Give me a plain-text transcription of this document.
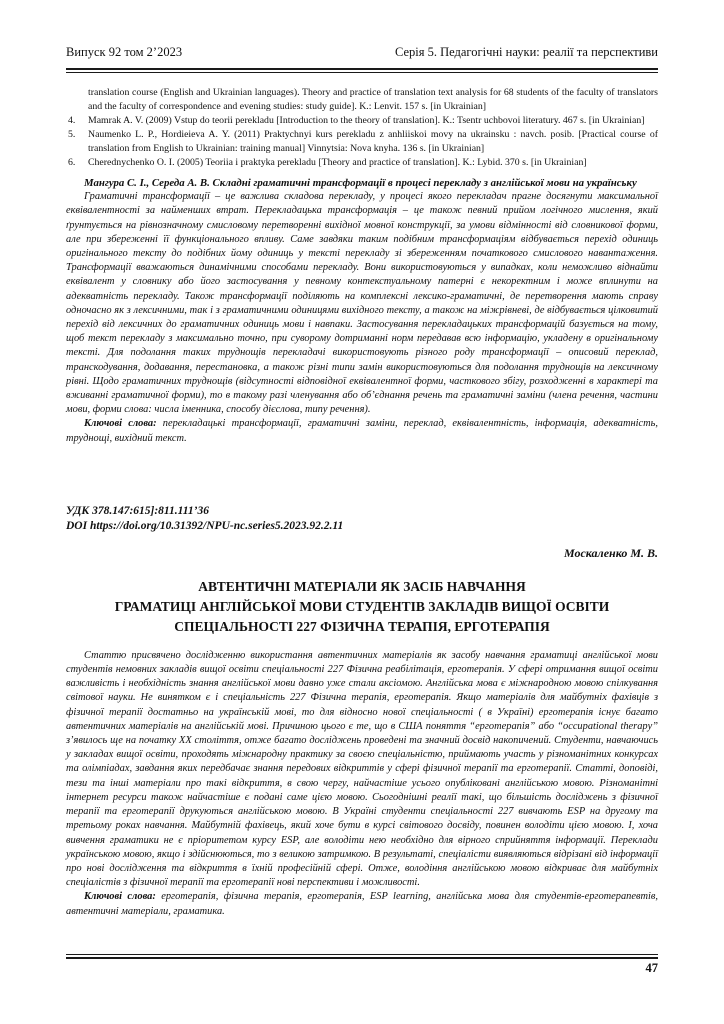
Випуск 92 том 2’2023	Серія 5. Педагогічні науки: реалії та перспективи
translation course (English and Ukrainian languages). Theory and practice of translation text analysis for 68 students of the faculty of translators and the faculty of correspondence and evening studies: study guide]. K.: Lenvit. 157 s. [in Ukrainian]
4. Mamrak A. V. (2009) Vstup do teorii perekladu [Introduction to the theory of translation]. K.: Tsentr uchbovoi literatury. 467 s. [in Ukrainian]
5. Naumenko L. P., Hordieieva A. Y. (2011) Praktychnyi kurs perekladu z anhliiskoi movy na ukrainsku : navch. posib. [Practical course of translation from English to Ukrainian: training manual] Vinnytsia: Nova knyha. 136 s. [in Ukrainian]
6. Cherednychenko O. I. (2005) Teoriia i praktyka perekladu [Theory and practice of translation]. K.: Lybid. 370 s. [in Ukrainian]

Мангура С. І., Середа А. В. Складні граматичні трансформації в процесі перекладу з англійської мови на українську

Граматичні трансформації – це важлива складова перекладу, у процесі якого перекладач прагне досягнути максимальної еквівалентності за найменших втрат. Перекладацька трансформація – це також певний прийом логічного мислення, який ґрунтується на рівнозначному смисловому перетворенні вихідної мовної конструкції, за умови відмінності від словникової форми, але при збереженні її функціонального впливу. Саме завдяки таким подібним трансформаціям відбувається перехід одиниць оригінального тексту до подібних йому одиниць у тексті перекладу зі збереженням початкового смислового навантаження. Трансформації вважаються динамічними способами перекладу. Вони використовуються у випадках, коли неможливо віднайти еквівалент у словнику або його застосування у певному контекстуальному патерні є некоректним і може вплинути на адекватність перекладу. Також трансформації поділяють на комплексні лексико-граматичні, де перетворення мають справу одночасно як з лексичними, так і з граматичними одиницями вихідного тексту, а також на міжрівневі, де відбувається цілковитий перехід від лексичних до граматичних одиниць мови і навпаки. Застосування перекладацьких трансформацій базується на тому, щоб текст перекладу з максимально точно, при суворому дотриманні норм передавав всю інформацію, укладену в оригінальному тексті. Для подолання таких труднощів перекладачі використовують різного роду трансформації – описовий переклад, транскодування, додавання, перестановка, а також різні типи замін використовуються для подолання труднощів на лексичному рівні. Щодо граматичних труднощів (відсутності відповідної еквівалентної форми, часткового збігу, розходженні в характері та вживанні граматичної форми), то в такому разі членування або об’єднання речень та граматичні заміни (члена речення, частини мови, форми слова: числа іменника, способу дієслова, типу речення).

Ключові слова: перекладацькі трансформації, граматичні заміни, переклад, еквівалентність, інформація, адекватність, труднощі, вихідний текст.

УДК 378.147:615]:811.111’36

DOI https://doi.org/10.31392/NPU-nc.series5.2023.92.2.11

Москаленко М. В.

АВТЕНТИЧНІ МАТЕРІАЛИ ЯК ЗАСІБ НАВЧАННЯ
ГРАМАТИЦІ АНГЛІЙСЬКОЇ МОВИ СТУДЕНТІВ ЗАКЛАДІВ ВИЩОЇ ОСВІТИ
СПЕЦІАЛЬНОСТІ 227 ФІЗИЧНА ТЕРАПІЯ, ЕРГОТЕРАПІЯ

Статтю присвячено дослідженню використання автентичних матеріалів як засобу навчання граматиці англійської мови студентів немовних закладів вищої освіти спеціальності 227 Фізична реабілітація, ерготерапія. У сфері отримання вищої освіти важливість і необхідність знання англійської мови давно уже стали аксіомою. Англійська мова є міжнародною мовою спілкування світової науки. Не винятком є і спеціальність 227 Фізична терапія, ерготерапія. Якщо матеріалів для майбутніх фахівців з фізичної терапії достатньо на українській мові, то для відносно нової спеціальності ( в Україні) ерготерапія існує багато автентичних матеріалів на англійській мові. Причиною цього є те, що в США поняття “ерготерапія” або “occupational therapy” з’явилось ще на початку XX століття, отже багато досліджень проведені та значний досвід накопичений. Студенти, навчаючись у закладах вищої освіти, проходять міжнародну практику за своєю спеціальністю, приймають участь у різноманітних конкурсах та олімпіадах, завдання яких передбачає знання передових відкриттів у сфері фізичної терапії та ерготерапії. Статті, доповіді, тези та інші матеріали про такі відкриття, в свою чергу, найчастіше усього опубліковані англійською мовою. Різноманітні інтернет ресурси також найчастіше є подані саме цією мовою. Сьогоднішні реалії такі, що більшість досліджень з фізичної терапії та ерготерапії друкуються англійською мовою. В Україні студенти спеціальності 227 вивчають ESP на другому та третьому роках навчання. Майбутній фахівець, який хоче бути в курсі світового досвіду, повинен володіти цією мовою. І, хоча вивчення граматики не є пріоритетом курсу ESP, але володіти нею необхідно для вірного сприйняття інформації. Переклади українською мовою, якщо і здійснюються, то з великою затримкою. В результаті, спеціалісти виявляються відрізані від інформації про нові дослідження та відкриття в їхній професійній сфері. Отже, володіння англійською мовою відкриває для майбутніх спеціалістів з фізичної терапії та ерготерапії нові перспективи і можливості.

Ключові слова: ерготерапія, фізична терапія, ерготерапія, ESP learning, англійська мова для студентів-ерготерапевтів, автентичні матеріали, граматика.

47
